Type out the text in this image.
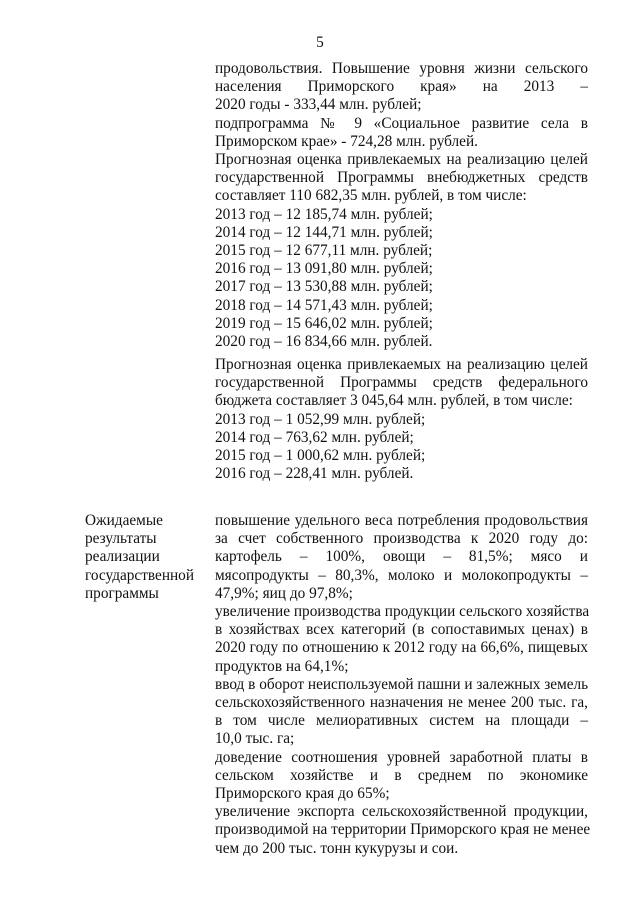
5
продовольствия. Повышение уровня жизни сельского
населения Приморского края» на 2013 –
2020 годы - 333,44 млн. рублей;
подпрограмма № 9 «Социальное развитие села в
Приморском крае» - 724,28 млн. рублей.
Прогнозная оценка привлекаемых на реализацию целей
государственной Программы внебюджетных средств
составляет 110 682,35 млн. рублей, в том числе:
2013 год – 12 185,74 млн. рублей;
2014 год – 12 144,71 млн. рублей;
2015 год – 12 677,11 млн. рублей;
2016 год – 13 091,80 млн. рублей;
2017 год – 13 530,88 млн. рублей;
2018 год – 14 571,43 млн. рублей;
2019 год – 15 646,02 млн. рублей;
2020 год – 16 834,66 млн. рублей.
Прогнозная оценка привлекаемых на реализацию целей
государственной Программы средств федерального
бюджета составляет 3 045,64 млн. рублей, в том числе:
2013 год – 1 052,99 млн. рублей;
2014 год – 763,62 млн. рублей;
2015 год – 1 000,62 млн. рублей;
2016 год – 228,41 млн. рублей.
Ожидаемые
результаты
реализации
государственной
программы
повышение удельного веса потребления продовольствия
за счет собственного производства к 2020 году до:
картофель – 100%, овощи – 81,5%; мясо и
мясопродукты – 80,3%, молоко и молокопродукты –
47,9%; яиц до 97,8%;
увеличение производства продукции сельского хозяйства
в хозяйствах всех категорий (в сопоставимых ценах) в
2020 году по отношению к 2012 году на 66,6%, пищевых
продуктов на 64,1%;
ввод в оборот неиспользуемой пашни и залежных земель
сельскохозяйственного назначения не менее 200 тыс. га,
в том числе мелиоративных систем на площади –
10,0 тыс. га;
доведение соотношения уровней заработной платы в
сельском хозяйстве и в среднем по экономике
Приморского края до 65%;
увеличение экспорта сельскохозяйственной продукции,
производимой на территории Приморского края не менее
чем до 200 тыс. тонн кукурузы и сои.
